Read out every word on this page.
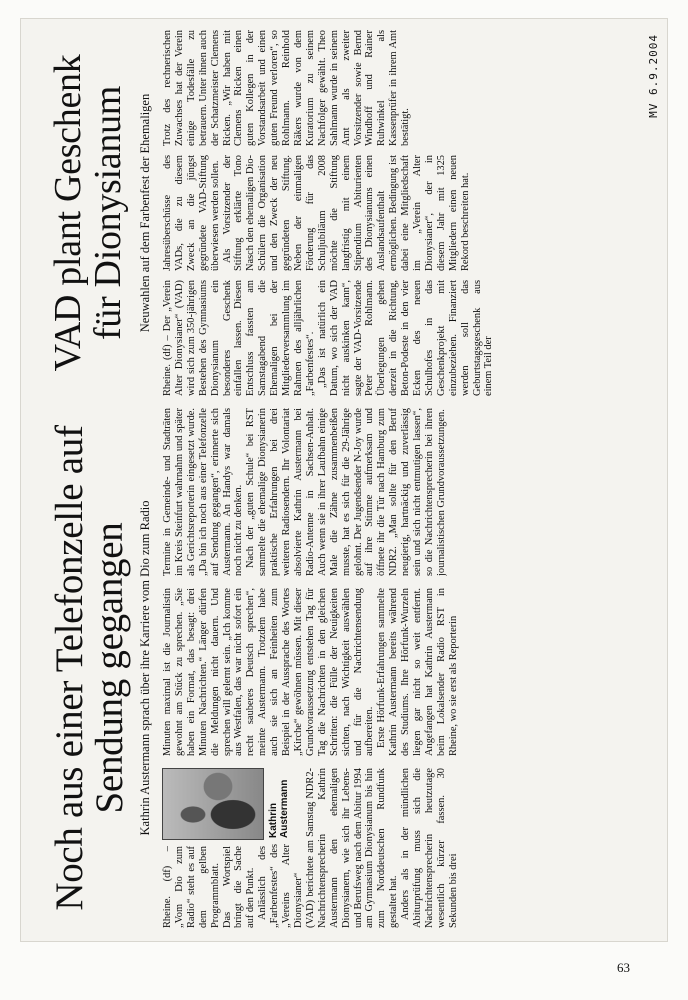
Noch aus einer Telefonzelle auf Sendung gegangen Kathrin Austermann sprach über ihre Karriere vom Dio zum Radio	Kathrin Austermann

Rheine. (df) – „Vom Dio zum Radio“ steht es auf dem gelben Programmblatt. Das Wortspiel bringt die Sache auf den Punkt. Anlässlich des „Farbenfestes“ des „Vereins Alter Dionysianer“ (VAD) berichtete am Samstag NDR2-Nachrichtensprecherin Kathrin Austermann den ehemaligen Dionysianern, wie sich ihr Lebens- und Berufsweg nach dem Abitur 1994 am Gymnasium Dionysianum bis hin zum Norddeutschen Rundfunk gestaltet hat. Anders als in der mündlichen Abiturprüfung muss sich die Nachrichtensprecherin heutzutage wesentlich kürzer fassen. 30 Sekunden bis drei

Minuten maximal ist die Journalistin gewohnt am Stück zu sprechen. „Sie haben ein Format, das besagt: drei Minuten Nachrichten.“ Länger dürfen die Meldungen nicht dauern. Und sprechen will gelernt sein. „Ich komme aus Westfalen, das war nicht sofort ein recht sauberes Deutsch sprechen“, meinte Austermann. Trotzdem habe auch sie sich an Feinheiten zum Beispiel in der Aussprache des Wortes „Kirche“ gewöhnen müssen. Mit dieser Grundvoraussetzung entstehen Tag für Tag die Nachrichten in den gleichen Schritten: die Fülle der Neuigkeiten sichten, nach Wichtigkeit auswählen und für die Nachrichtensendung aufbereiten. Erste Hörfunk-Erfahrungen sammelte Kathrin Austermann bereits während des Studiums. Ihre Hörfunk-Wurzeln liegen gar nicht so weit entfernt. Angefangen hat Kathrin Austermann beim Lokalsender Radio RST in Rheine, wo sie erst als Reporterin

Termine in Gemeinde- und Stadträten im Kreis Steinfurt wahrnahm und später als Gerichtsreporterin eingesetzt wurde. „Da bin ich noch aus einer Telefonzelle auf Sendung gegangen“, erinnerte sich Austermann. An Handys war damals noch nicht zu denken. Nach der „guten Schule“ bei RST sammelte die ehemalige Dionysianerin praktische Erfahrungen bei drei weiteren Radiosendern. Ihr Volontariat absolvierte Kathrin Austermann bei Radio-Antenne in Sachsen-Anhalt. Auch wenn sie in ihrer Laufbahn einige Male die Zähne zusammenbeißen musste, hat es sich für die 29-Jährige gelohnt. Der Jugendsender N-Joy wurde auf ihre Stimme aufmerksam und öffnete ihr die Tür nach Hamburg zum NDR2. „Man sollte für den Beruf neugierig, hartnäckig und zuverlässig sein und sich nicht entmutigen lassen“, so die Nachrichtensprecherin bei ihren journalistischen Grundvoraussetzungen.

VAD plant Geschenk für Dionysianum Neuwahlen auf dem Farbenfest der Ehemaligen

Rheine. (df) – Der „Verein Alter Dionysianer“ (VAD) wird sich zum 350-jährigen Bestehen des Gymnasiums Dionysianum ein besonderes Geschenk einfallen lassen. Diesen Entschluss fassten am Samstagabend die Ehemaligen bei der Mitgliederversammlung im Rahmen des alljährlichen „Farbenfestes“. „Das ist natürlich ein Datum, wo sich der VAD nicht auskinken kann“, sagte der VAD-Vorsitzende Peter Rohlmann. Überlegungen gehen derzeit in die Richtung, Beton-Podeste in den vier Ecken des neuen Schulhofes in das Geschenkprojekt mit einzubeziehen. Finanziert werden soll das Geburtstagsgeschenk aus einem Teil der

Jahresüberschüsse des VADs, die zu diesem Zweck an die jüngst gegründete VAD-Stiftung überwiesen werden sollen. Als Vorsitzender der Stiftung erklärte Tono Nasch den ehemaligen Dio-Schülern die Organisation und den Zweck der neu gegründeten Stiftung. Neben der einmaligen Förderung für das Schuljubiläum 2008 möchte die Stiftung langfristig mit einem Stipendium Abiturienten des Dionysianums einen Auslandsaufenthalt ermöglichen. Bedingung ist dabei eine Mitgliedschaft im „Verein Alter Dionysianer“, der in diesem Jahr mit 1325 Mitgliedern einen neuen Rekord beschreiten hat.

Trotz des rechnerischen Zuwachses hat der Verein einige Todesfälle zu betrauern. Unter ihnen auch der Schatzmeister Clemens Ricken. „Wir haben mit Clemens Ricken einen guten Kollegen in der Vorstandsarbeit und einen guten Freund verloren“, so Rohlmann. Reinhold Räkers wurde von dem Kuratorium zu seinem Nachfolger gewählt. Theo Sahlmann wurde in seinem Amt als zweiter Vorsitzender sowie Bernd Windhoff und Rainer Ruhwinkel als Kassenprüfer in ihrem Amt bestätigt.

MV 6.9.2004
63
